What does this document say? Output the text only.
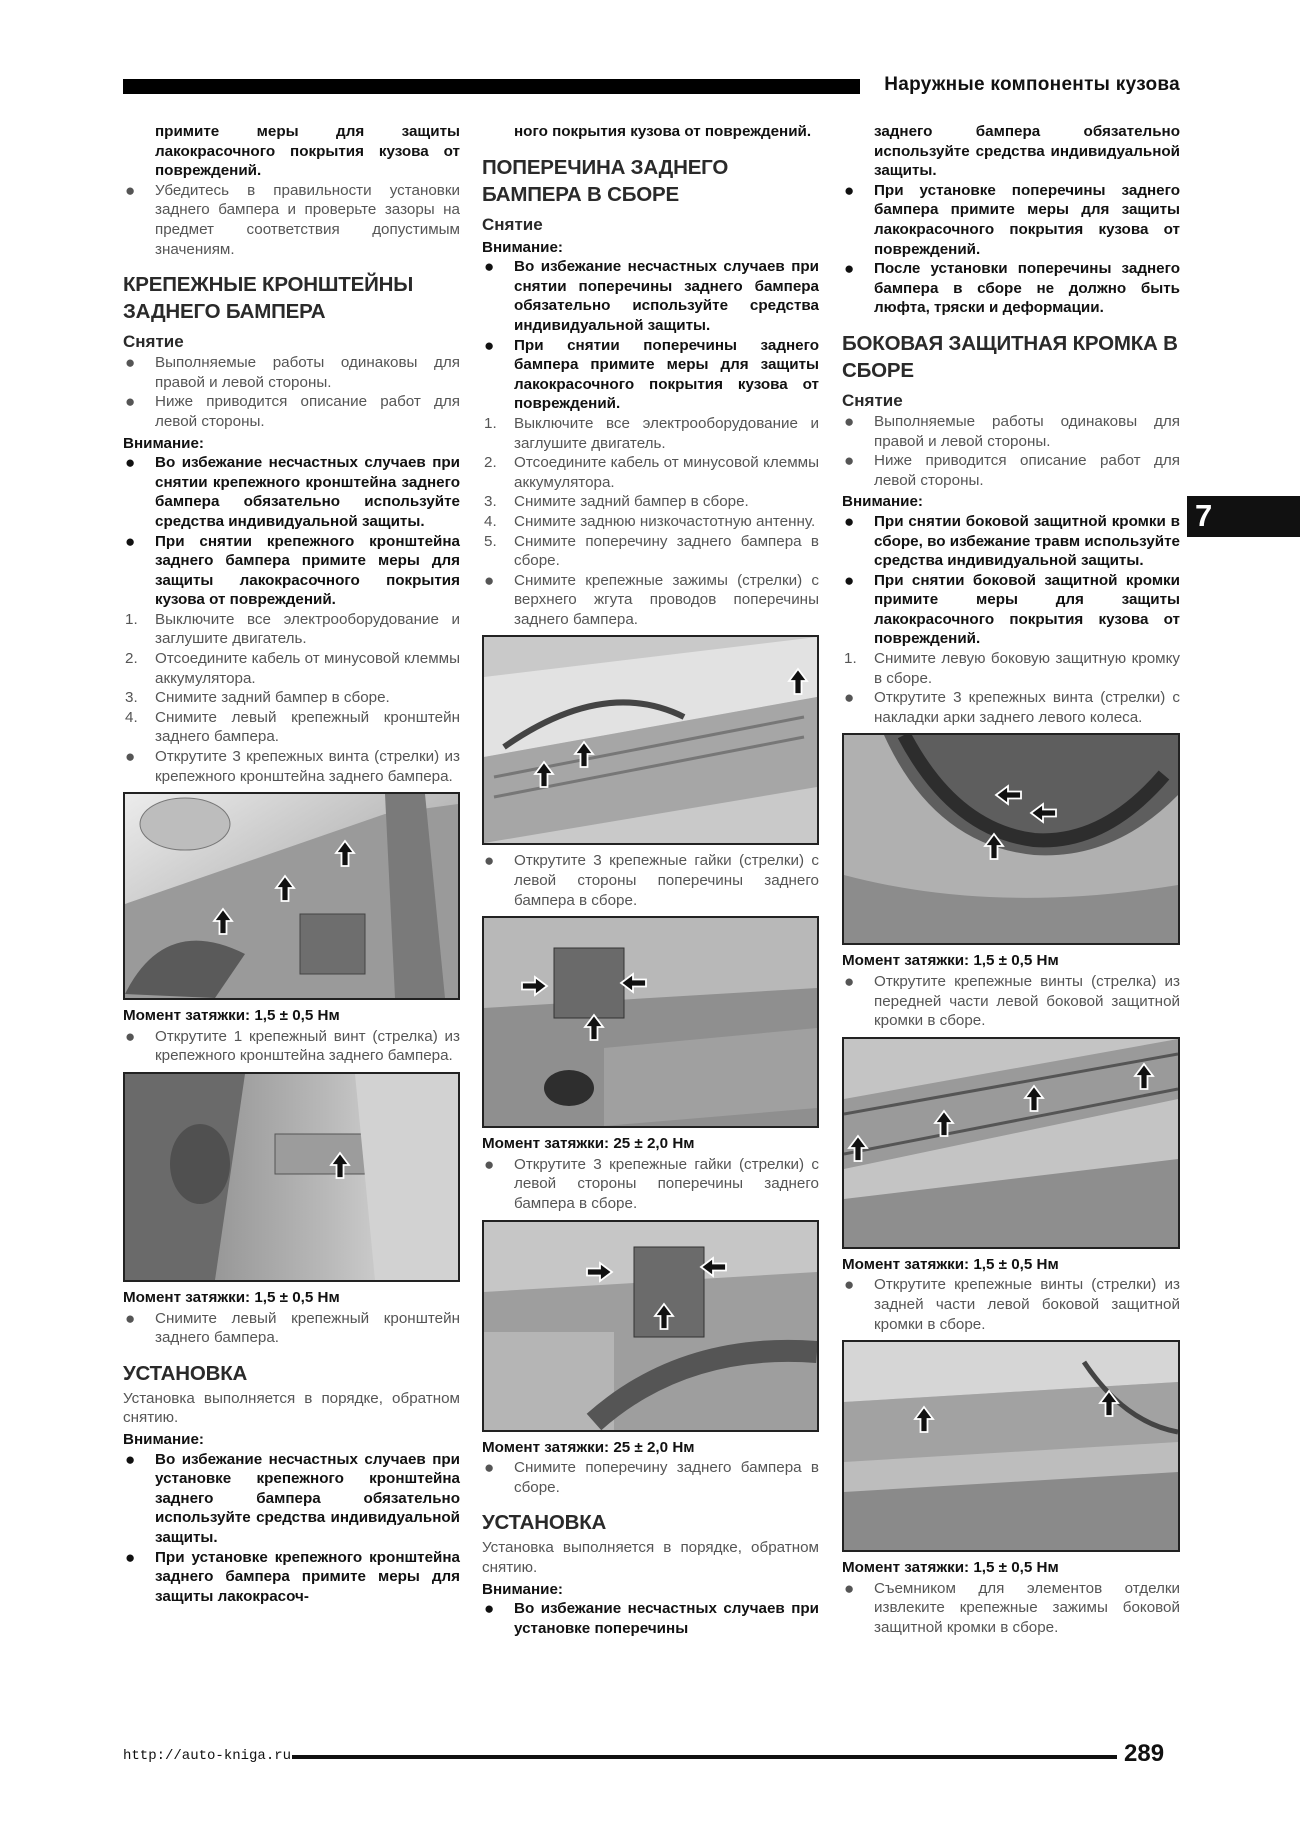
Наружные компоненты кузова
7

примите меры для защиты лакокрасочного покрытия кузова от повреждений.

● Убедитесь в правильности установки заднего бампера и проверьте зазоры на предмет соответствия допустимым значениям.
КРЕПЕЖНЫЕ КРОНШТЕЙНЫ ЗАДНЕГО БАМПЕРА
Снятие
● Выполняемые работы одинаковы для правой и левой стороны.
● Ниже приводится описание работ для левой стороны.

Внимание:

● Во избежание несчастных случаев при снятии крепежного кронштейна заднего бампера обязательно используйте средства индивидуальной защиты.
● При снятии крепежного кронштейна заднего бампера примите меры для защиты лакокрасочного покрытия кузова от повреждений.
1. Выключите все электрооборудование и заглушите двигатель.
2. Отсоедините кабель от минусовой клеммы аккумулятора.
3. Снимите задний бампер в сборе.
4. Снимите левый крепежный кронштейн заднего бампера.
● Открутите 3 крепежных винта (стрелки) из крепежного кронштейна заднего бампера.

Момент затяжки: 1,5 ± 0,5 Нм

● Открутите 1 крепежный винт (стрелка) из крепежного кронштейна заднего бампера.

Момент затяжки: 1,5 ± 0,5 Нм

● Снимите левый крепежный кронштейн заднего бампера.
УСТАНОВКА

Установка выполняется в порядке, обратном снятию.

Внимание:

● Во избежание несчастных случаев при установке крепежного кронштейна заднего бампера обязательно используйте средства индивидуальной защиты.
● При установке крепежного кронштейна заднего бампера примите меры для защиты лакокрасоч-

ного покрытия кузова от повреждений.

ПОПЕРЕЧИНА ЗАДНЕГО БАМПЕРА В СБОРЕ
Снятие

Внимание:

● Во избежание несчастных случаев при снятии поперечины заднего бампера обязательно используйте средства индивидуальной защиты.
● При снятии поперечины заднего бампера примите меры для защиты лакокрасочного покрытия кузова от повреждений.
1. Выключите все электрооборудование и заглушите двигатель.
2. Отсоедините кабель от минусовой клеммы аккумулятора.
3. Снимите задний бампер в сборе.
4. Снимите заднюю низкочастотную антенну.
5. Снимите поперечину заднего бампера в сборе.
● Снимите крепежные зажимы (стрелки) с верхнего жгута проводов поперечины заднего бампера.
● Открутите 3 крепежные гайки (стрелки) с левой стороны поперечины заднего бампера в сборе.

Момент затяжки: 25 ± 2,0 Нм

● Открутите 3 крепежные гайки (стрелки) с левой стороны поперечины заднего бампера в сборе.

Момент затяжки: 25 ± 2,0 Нм

● Снимите поперечину заднего бампера в сборе.
УСТАНОВКА

Установка выполняется в порядке, обратном снятию.

Внимание:

● Во избежание несчастных случаев при установке поперечины

заднего бампера обязательно используйте средства индивидуальной защиты.

● При установке поперечины заднего бампера примите меры для защиты лакокрасочного покрытия кузова от повреждений.
● После установки поперечины заднего бампера в сборе не должно быть люфта, тряски и деформации.
БОКОВАЯ ЗАЩИТНАЯ КРОМКА В СБОРЕ
Снятие
● Выполняемые работы одинаковы для правой и левой стороны.
● Ниже приводится описание работ для левой стороны.

Внимание:

● При снятии боковой защитной кромки в сборе, во избежание травм используйте средства индивидуальной защиты.
● При снятии боковой защитной кромки примите меры для защиты лакокрасочного покрытия кузова от повреждений.
1. Снимите левую боковую защитную кромку в сборе.
● Открутите 3 крепежных винта (стрелки) с накладки арки заднего левого колеса.

Момент затяжки: 1,5 ± 0,5 Нм

● Открутите крепежные винты (стрелка) из передней части левой боковой защитной кромки в сборе.

Момент затяжки: 1,5 ± 0,5 Нм

● Открутите крепежные винты (стрелки) из задней части левой боковой защитной кромки в сборе.

Момент затяжки: 1,5 ± 0,5 Нм

● Съемником для элементов отделки извлеките крепежные зажимы боковой защитной кромки в сборе.
http://auto-kniga.ru	289
